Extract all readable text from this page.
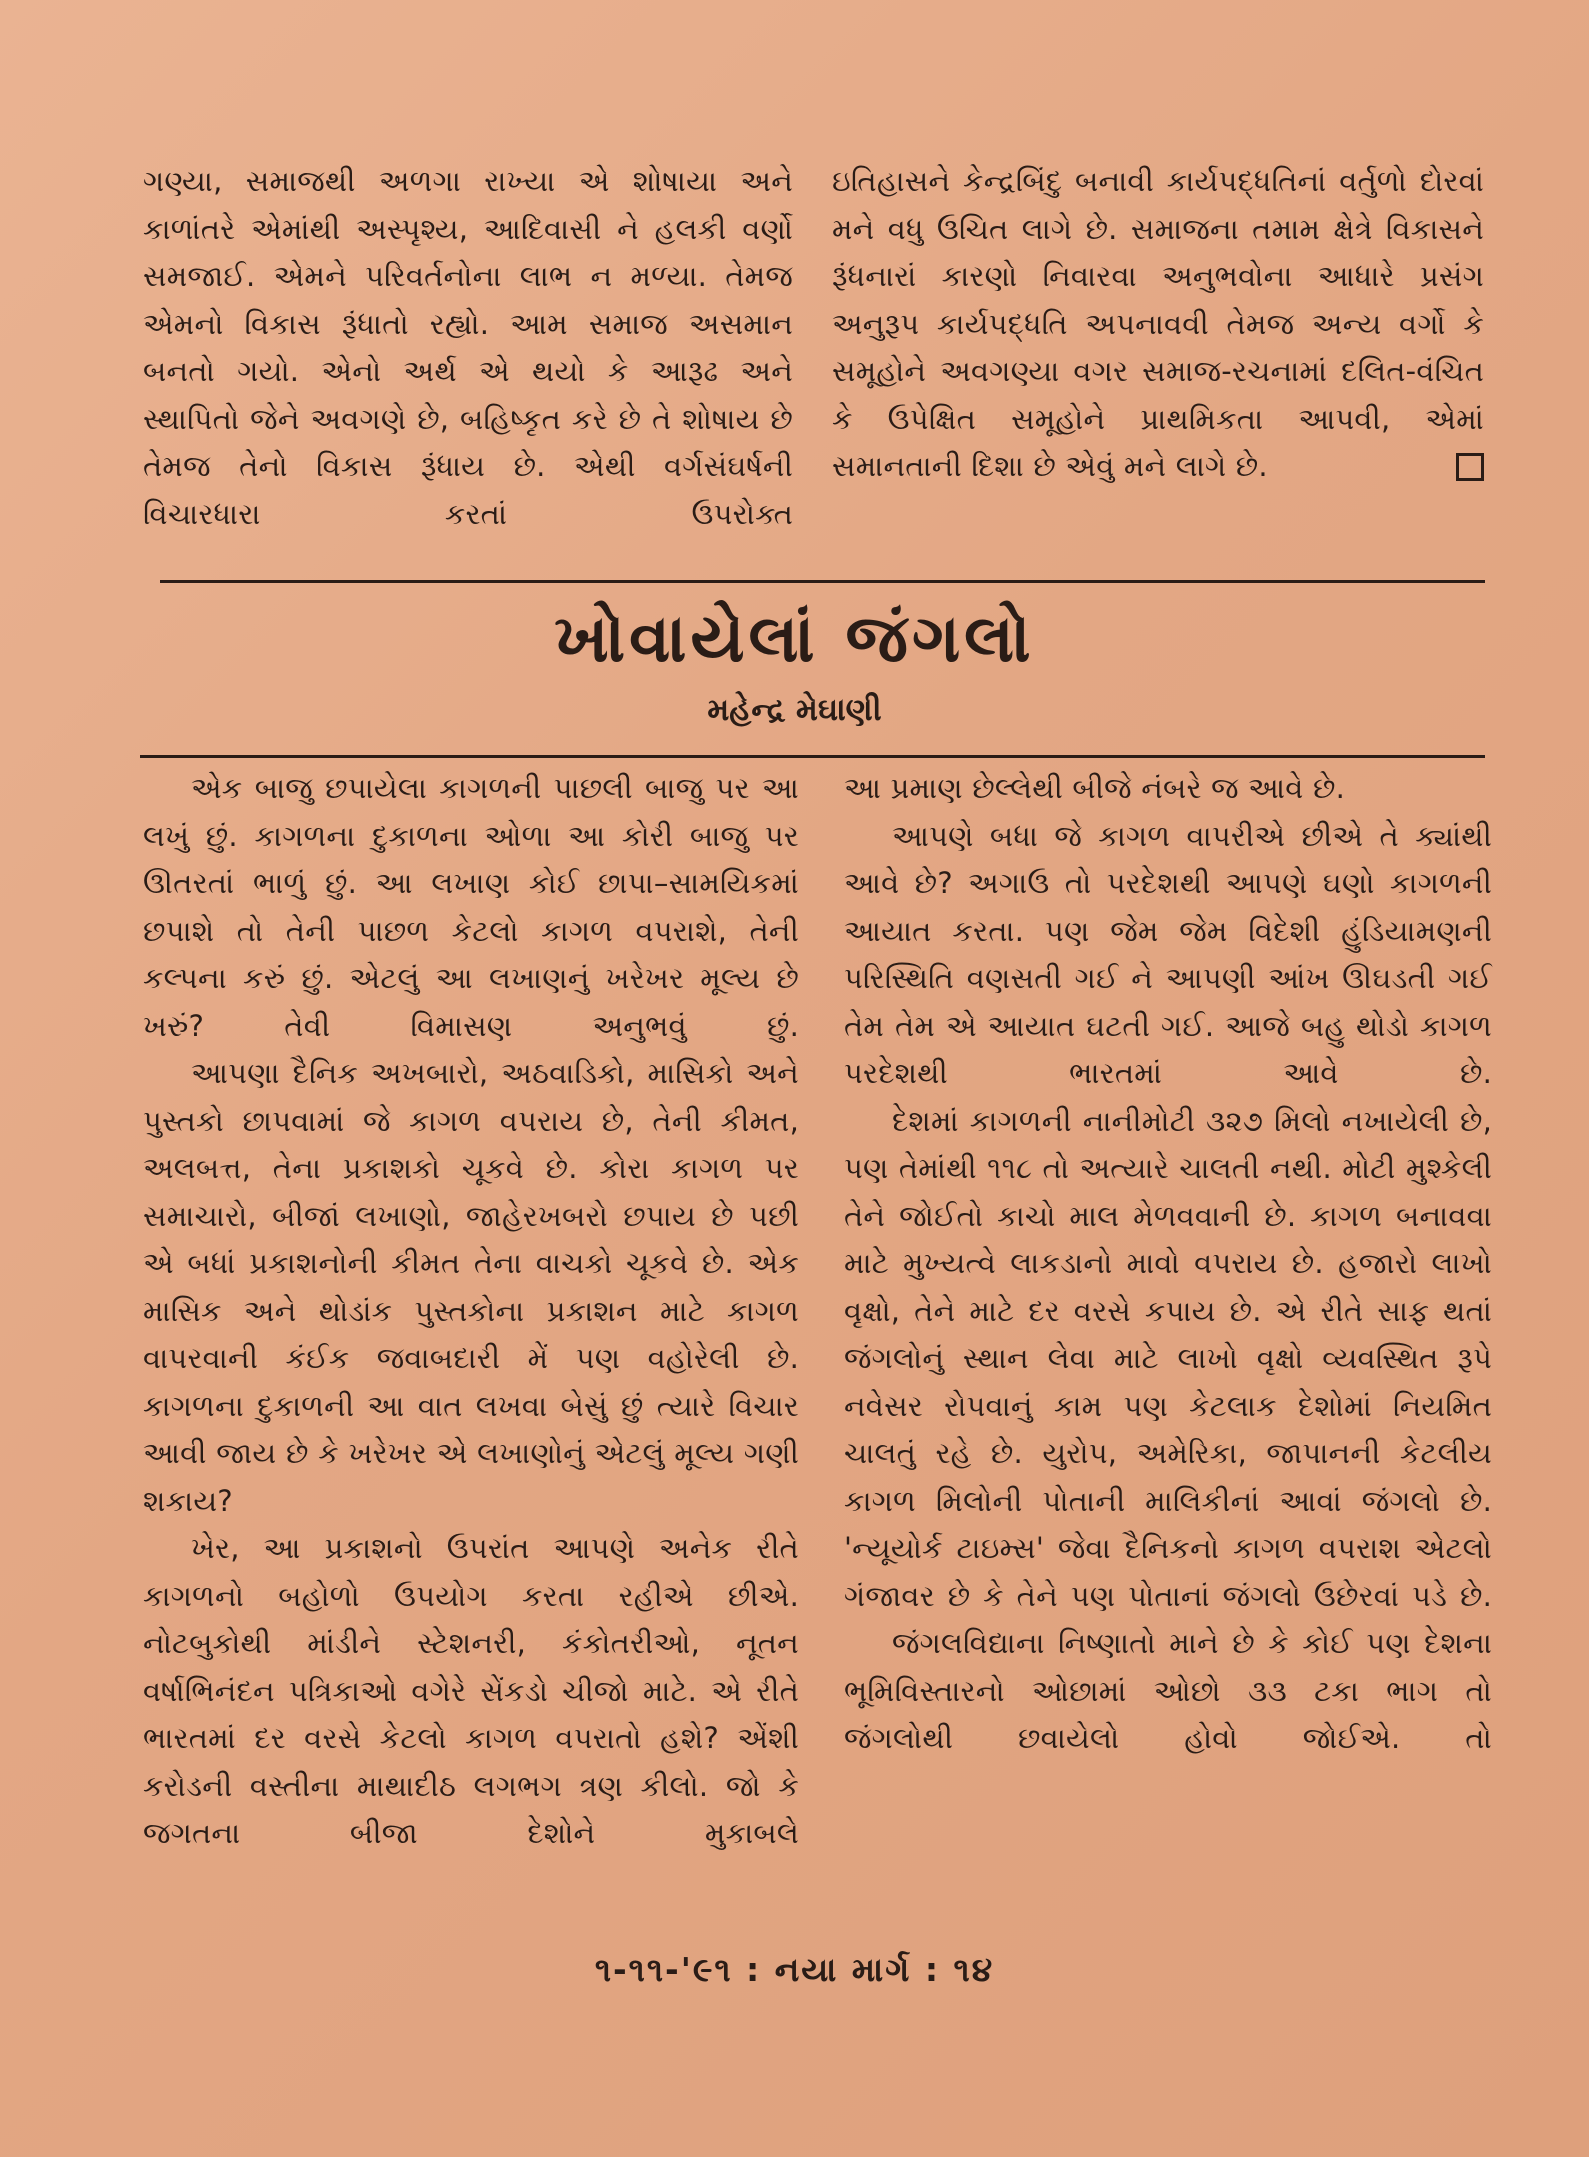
ગણ્યા, સમાજથી અળગા રાખ્યા એ શોષાયા અને કાળાંતરે એમાંથી અસ્પૃશ્ય, આદિવાસી ને હલકી વર્ણો સમજાઈ. એમને પરિવર્તનોના લાભ ન મળ્યા. તેમજ એમનો વિકાસ રૂંધાતો રહ્યો. આમ સમાજ અસમાન બનતો ગયો. એનો અર્થ એ થયો કે આરૂઢ અને સ્થાપિતો જેને અવગણે છે, બહિષ્કૃત કરે છે તે શોષાય છે તેમજ તેનો વિકાસ રૂંધાય છે. એથી વર્ગસંઘર્ષની વિચારધારા કરતાં ઉપરોક્ત

ઇતિહાસને કેન્દ્રબિંદુ બનાવી કાર્યપદ્ધતિનાં વર્તુળો દોરવાં મને વધુ ઉચિત લાગે છે. સમાજના તમામ ક્ષેત્રે વિકાસને રૂંધનારાં કારણો નિવારવા અનુભવોના આધારે પ્રસંગ અનુરૂપ કાર્યપદ્ધતિ અપનાવવી તેમજ અન્ય વર્ગો કે સમૂહોને અવગણ્યા વગર સમાજ-રચનામાં દલિત-વંચિત કે ઉપેક્ષિત સમૂહોને પ્રાથમિકતા આપવી, એમાં સમાનતાની દિશા છે એવું મને લાગે છે.

ખોવાયેલાં જંગલો

મહેન્દ્ર મેઘાણી

એક બાજુ છપાયેલા કાગળની પાછલી બાજુ પર આ લખું છું. કાગળના દુકાળના ઓળા આ કોરી બાજુ પર ઊતરતાં ભાળું છું. આ લખાણ કોઈ છાપા–સામયિકમાં છપાશે તો તેની પાછળ કેટલો કાગળ વપરાશે, તેની કલ્પના કરું છું. એટલું આ લખાણનું ખરેખર મૂલ્ય છે ખરું? તેવી વિમાસણ અનુભવું છું.

આપણા દૈનિક અખબારો, અઠવાડિકો, માસિકો અને પુસ્તકો છાપવામાં જે કાગળ વપરાય છે, તેની કીમત, અલબત્ત, તેના પ્રકાશકો ચૂકવે છે. કોરા કાગળ પર સમાચારો, બીજાં લખાણો, જાહેરખબરો છપાય છે પછી એ બધાં પ્રકાશનોની કીમત તેના વાચકો ચૂકવે છે. એક માસિક અને થોડાંક પુસ્તકોના પ્રકાશન માટે કાગળ વાપરવાની કંઈક જવાબદારી મેં પણ વહોરેલી છે. કાગળના દુકાળની આ વાત લખવા બેસું છું ત્યારે વિચાર આવી જાય છે કે ખરેખર એ લખાણોનું એટલું મૂલ્ય ગણી શકાય?

ખેર, આ પ્રકાશનો ઉપરાંત આપણે અનેક રીતે કાગળનો બહોળો ઉપયોગ કરતા રહીએ છીએ. નોટબુકોથી માંડીને સ્ટેશનરી, કંકોતરીઓ, નૂતન વર્ષાભિનંદન પત્રિકાઓ વગેરે સેંકડો ચીજો માટે. એ રીતે ભારતમાં દર વરસે કેટલો કાગળ વપરાતો હશે? એંશી કરોડની વસ્તીના માથાદીઠ લગભગ ત્રણ કીલો. જો કે જગતના બીજા દેશોને મુકાબલે

આ પ્રમાણ છેલ્લેથી બીજે નંબરે જ આવે છે.

આપણે બધા જે કાગળ વાપરીએ છીએ તે ક્યાંથી આવે છે? અગાઉ તો પરદેશથી આપણે ઘણો કાગળની આયાત કરતા. પણ જેમ જેમ વિદેશી હુંડિયામણની પરિસ્થિતિ વણસતી ગઈ ને આપણી આંખ ઊઘડતી ગઈ તેમ તેમ એ આયાત ઘટતી ગઈ. આજે બહુ થોડો કાગળ પરદેશથી ભારતમાં આવે છે.

દેશમાં કાગળની નાનીમોટી ૩૨૭ મિલો નખાયેલી છે, પણ તેમાંથી ૧૧૮ તો અત્યારે ચાલતી નથી. મોટી મુશ્કેલી તેને જોઈતો કાચો માલ મેળવવાની છે. કાગળ બનાવવા માટે મુખ્યત્વે લાકડાનો માવો વપરાય છે. હજારો લાખો વૃક્ષો, તેને માટે દર વરસે કપાય છે. એ રીતે સાફ થતાં જંગલોનું સ્થાન લેવા માટે લાખો વૃક્ષો વ્યવસ્થિત રૂપે નવેસર રોપવાનું કામ પણ કેટલાક દેશોમાં નિયમિત ચાલતું રહે છે. યુરોપ, અમેરિકા, જાપાનની કેટલીય કાગળ મિલોની પોતાની માલિકીનાં આવાં જંગલો છે. 'ન્યૂયોર્ક ટાઇમ્સ' જેવા દૈનિકનો કાગળ વપરાશ એટલો ગંજાવર છે કે તેને પણ પોતાનાં જંગલો ઉછેરવાં પડે છે.

જંગલવિદ્યાના નિષ્ણાતો માને છે કે કોઈ પણ દેશના ભૂમિવિસ્તારનો ઓછામાં ઓછો ૩૩ ટકા ભાગ તો જંગલોથી છવાયેલો હોવો જોઈએ. તો

૧-૧૧-'૯૧ : નયા માર્ગ : ૧૪
